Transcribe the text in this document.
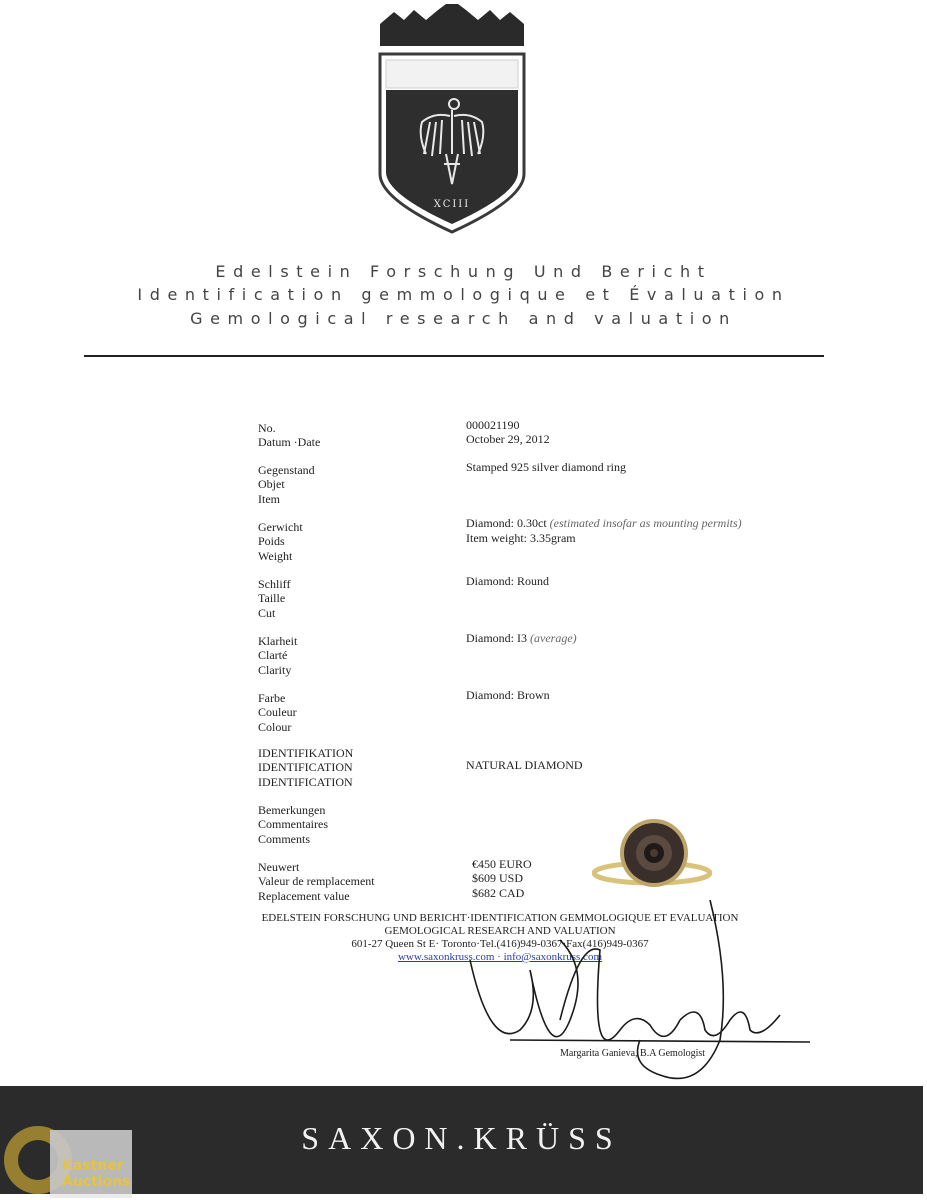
XCIII
Edelstein Forschung Und Bericht
Identification gemmologique et Évaluation
Gemological research and valuation
No.	000021190
Datum ·Date	October 29, 2012
Gegenstand
Objet
Item
Stamped 925 silver diamond ring
Gerwicht
Poids
Weight
Diamond: 0.30ct (estimated insofar as mounting permits)
Item weight: 3.35gram
Schliff
Taille
Cut
Diamond: Round
Klarheit
Clarté
Clarity
Diamond: I3 (average)
Farbe
Couleur
Colour
Diamond: Brown
IDENTIFIKATION
IDENTIFICATION
IDENTIFICATION
NATURAL DIAMOND
Bemerkungen
Commentaires
Comments
Neuwert
Valeur de remplacement
Replacement value
€450 EURO
$609 USD
$682 CAD
EDELSTEIN FORSCHUNG UND BERICHT·IDENTIFICATION GEMMOLOGIQUE ET EVALUATION
GEMOLOGICAL RESEARCH AND VALUATION
601-27 Queen St E· Toronto·Tel.(416)949-0367·Fax(416)949-0367
www.saxonkruss.com · info@saxonkruss.com
Margarita Ganieva, B.A Gemologist
SAXON.KRÜSS
Kastner
Auctions
